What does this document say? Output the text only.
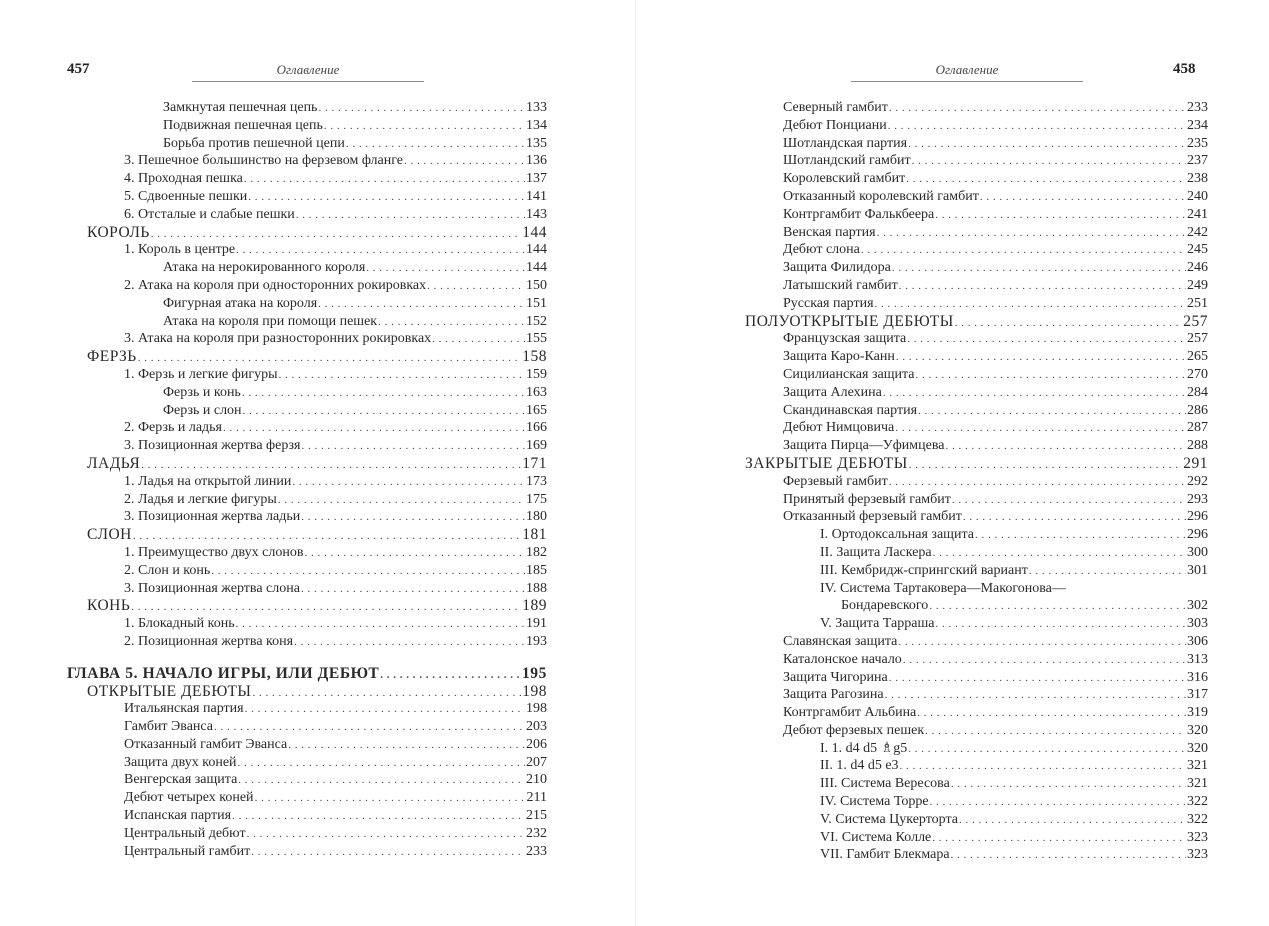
457	Оглавление
Замкнутая пешечная цепь . . .	133
Подвижная пешечная цепь . . .	134
Борьба против пешечной цепи . . .	135
3. Пешечное большинство на ферзевом фланге . . .	136
4. Проходная пешка . . .	137
5. Сдвоенные пешки . . .	141
6. Отсталые и слабые пешки . . .	143
КОРОЛЬ . . .	144
1. Король в центре . . .	144
Атака на нерокированного короля . . .	144
2. Атака на короля при односторонних рокировках . . .	150
Фигурная атака на короля . . .	151
Атака на короля при помощи пешек . . .	152
3. Атака на короля при разносторонних рокировках . . .	155
ФЕРЗЬ . . .	158
1. Ферзь и легкие фигуры . . .	159
Ферзь и конь . . .	163
Ферзь и слон . . .	165
2. Ферзь и ладья . . .	166
3. Позиционная жертва ферзя . . .	169
ЛАДЬЯ . . .	171
1. Ладья на открытой линии . . .	173
2. Ладья и легкие фигуры . . .	175
3. Позиционная жертва ладьи . . .	180
СЛОН . . .	181
1. Преимущество двух слонов . . .	182
2. Слон и конь . . .	185
3. Позиционная жертва слона . . .	188
КОНЬ . . .	189
1. Блокадный конь . . .	191
2. Позиционная жертва коня . . .	193
ГЛАВА 5. НАЧАЛО ИГРЫ, ИЛИ ДЕБЮТ . . .	195
ОТКРЫТЫЕ ДЕБЮТЫ . . .	198
Итальянская партия . . .	198
Гамбит Эванса . . .	203
Отказанный гамбит Эванса . . .	206
Защита двух коней . . .	207
Венгерская защита . . .	210
Дебют четырех коней . . .	211
Испанская партия . . .	215
Центральный дебют . . .	232
Центральный гамбит . . .	233
Оглавление	458
Северный гамбит . . .	233
Дебют Понциани . . .	234
Шотландская партия . . .	235
Шотландский гамбит . . .	237
Королевский гамбит . . .	238
Отказанный королевский гамбит . . .	240
Контргамбит Фалькбеера . . .	241
Венская партия . . .	242
Дебют слона . . .	245
Защита Филидора . . .	246
Латышский гамбит . . .	249
Русская партия . . .	251
ПОЛУОТКРЫТЫЕ ДЕБЮТЫ . . .	257
Французская защита . . .	257
Защита Каро-Канн . . .	265
Сицилианская защита . . .	270
Защита Алехина . . .	284
Скандинавская партия . . .	286
Дебют Нимцовича . . .	287
Защита Пирца—Уфимцева . . .	288
ЗАКРЫТЫЕ ДЕБЮТЫ . . .	291
Ферзевый гамбит . . .	292
Принятый ферзевый гамбит . . .	293
Отказанный ферзевый гамбит . . .	296
I. Ортодоксальная защита . . .	296
II. Защита Ласкера . . .	300
III. Кембридж-спрингский вариант . . .	301
IV. Система Тартаковера—Макогонова—
Бондаревского . . .	302
V. Защита Тарраша . . .	303
Славянская защита . . .	306
Каталонское начало . . .	313
Защита Чигорина . . .	316
Защита Рагозина . . .	317
Контргамбит Альбина . . .	319
Дебют ферзевых пешек . . .	320
I. 1. d4 d5 ♗g5 . . .	320
II. 1. d4 d5 e3 . . .	321
III. Система Вересова . . .	321
IV. Система Торре . . .	322
V. Система Цукерторта . . .	322
VI. Система Колле . . .	323
VII. Гамбит Блекмара . . .	323
